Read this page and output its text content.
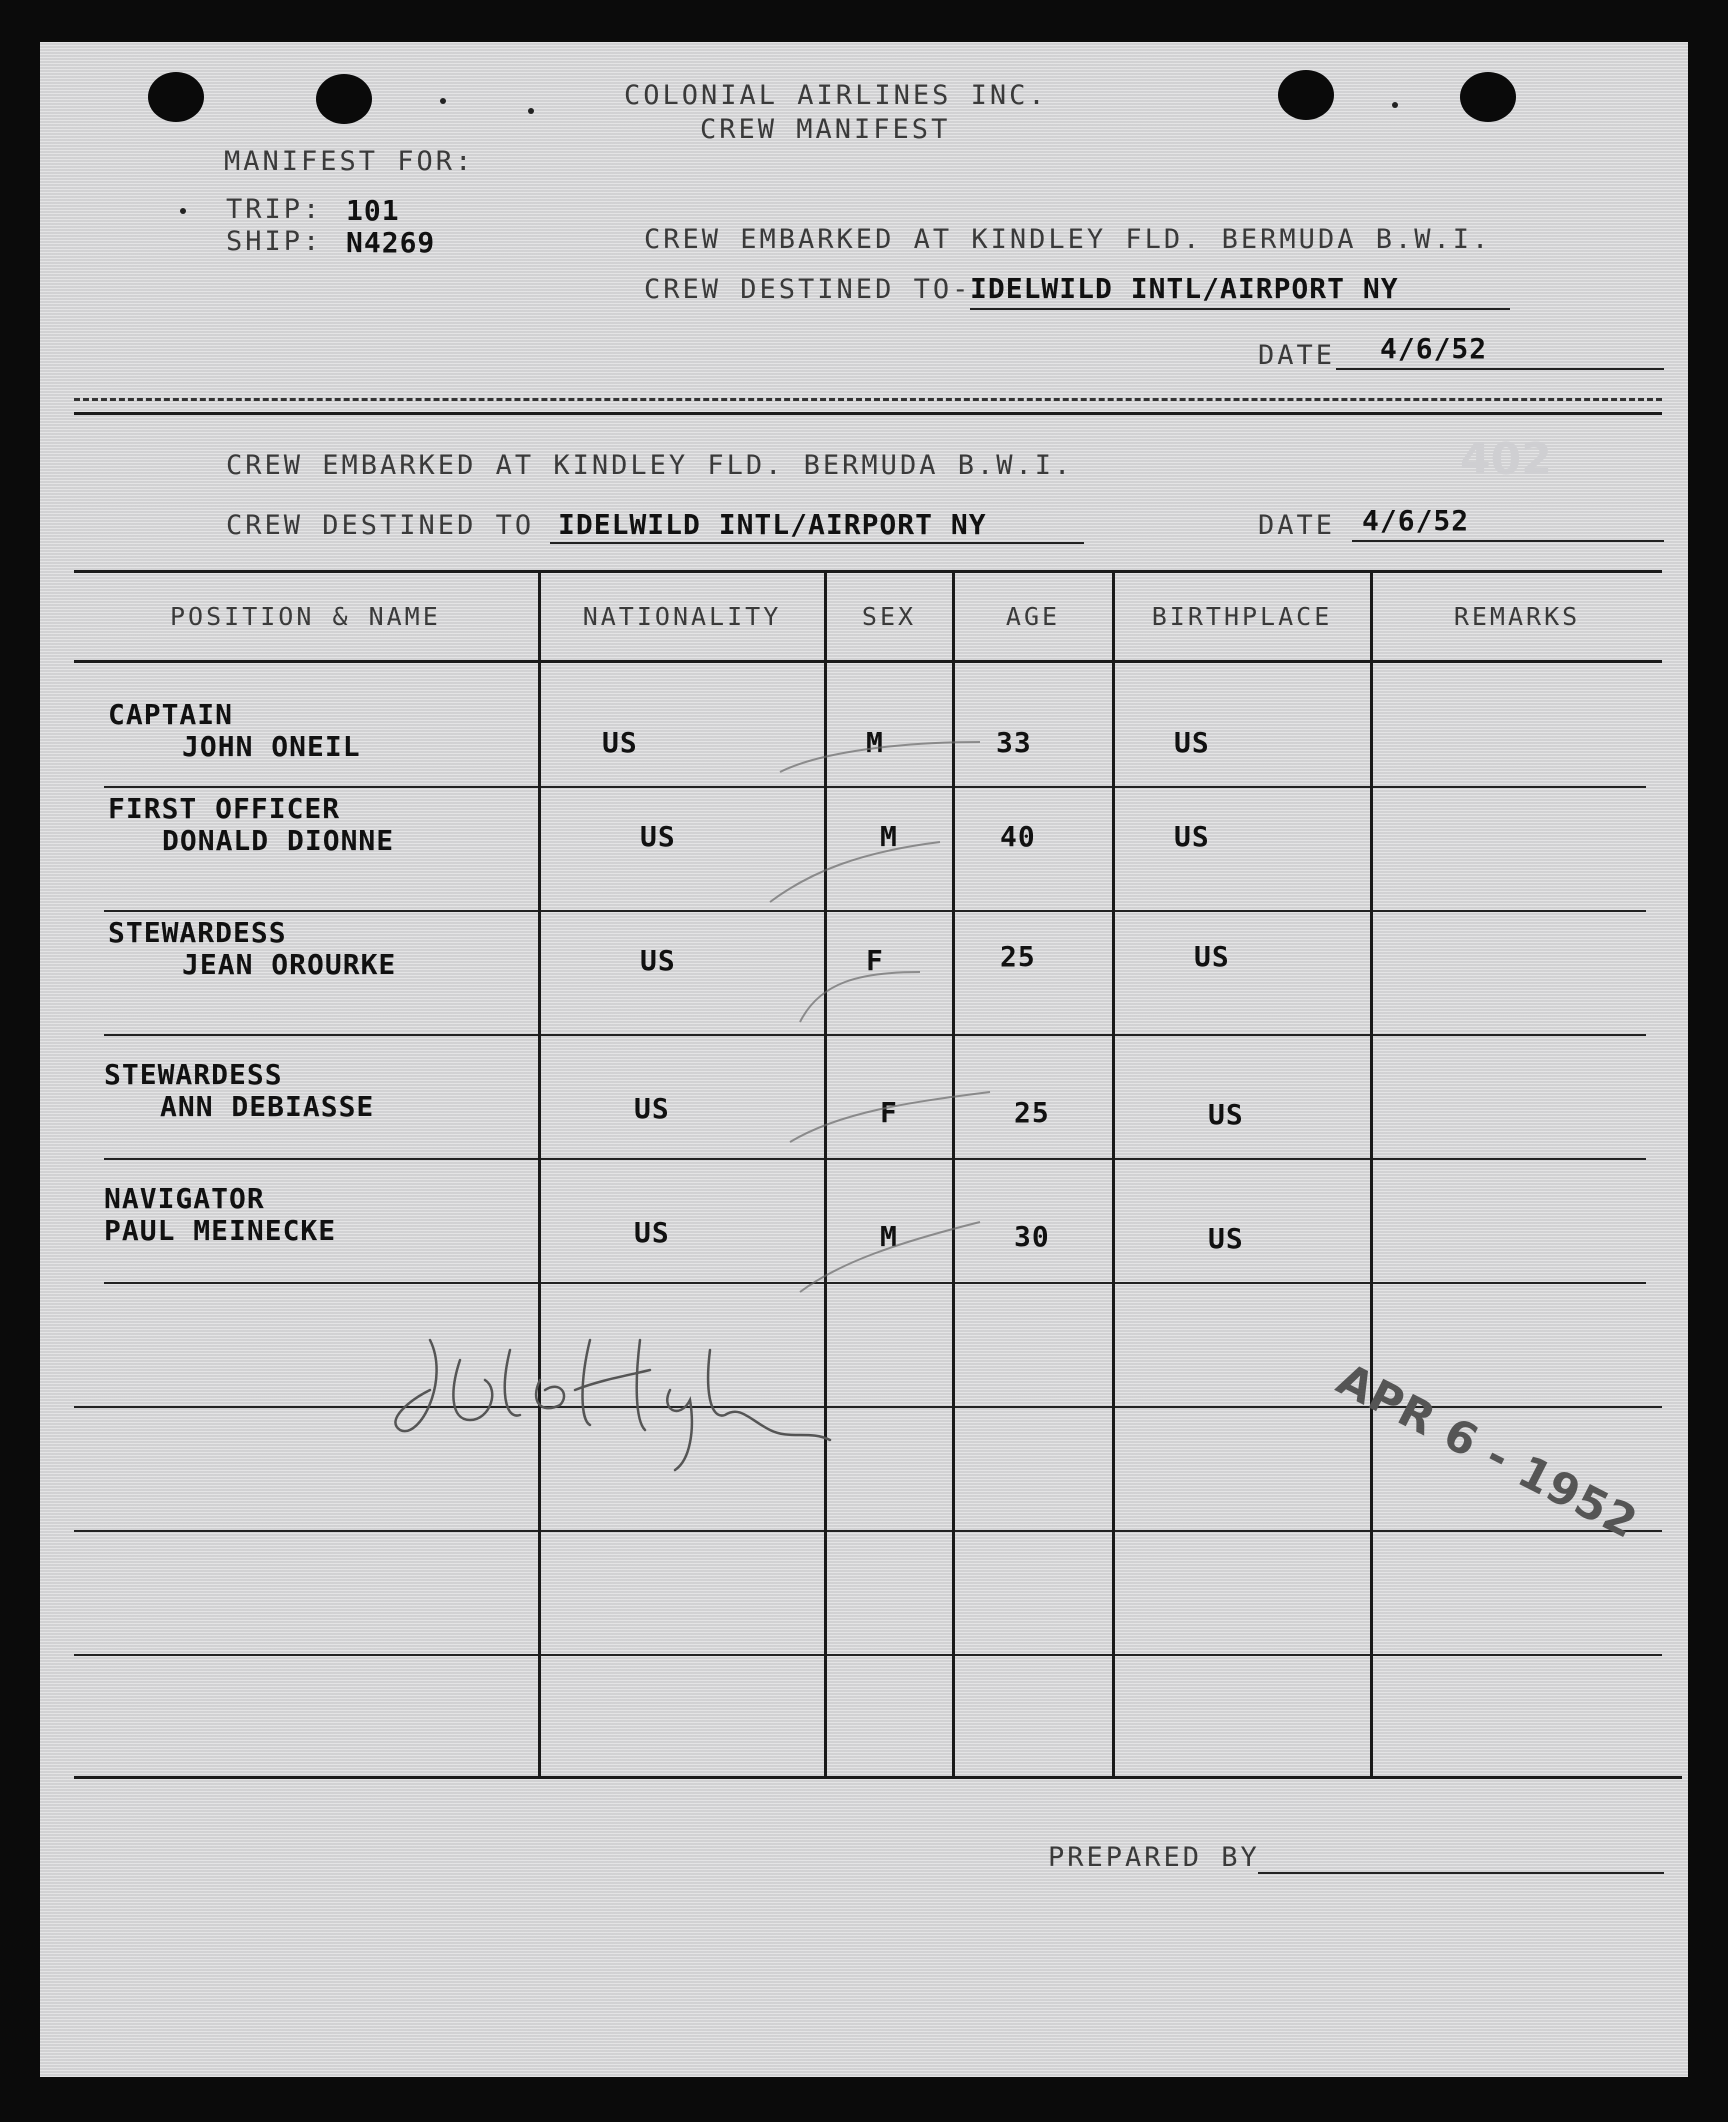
COLONIAL AIRLINES INC.
CREW MANIFEST
MANIFEST FOR:
TRIP: 101
SHIP: N4269	CREW EMBARKED AT KINDLEY FLD. BERMUDA B.W.I.
CREW DESTINED TO-
IDELWILD INTL/AIRPORT NY
DATE 4/6/52
402
CREW EMBARKED AT KINDLEY FLD. BERMUDA B.W.I.
CREW DESTINED TO IDELWILD INTL/AIRPORT NY	DATE 4/6/52
POSITION & NAME	NATIONALITY	SEX	AGE	BIRTHPLACE	REMARKS
CAPTAIN
JOHN ONEIL	US	M	33	US
FIRST OFFICER
DONALD DIONNE	US	M	40	US
STEWARDESS
JEAN OROURKE	US	F	25	US
STEWARDESS
ANN DEBIASSE	US	F	25	US
NAVIGATOR
PAUL MEINECKE	US	M	30	US
APR 6 - 1952
PREPARED BY
